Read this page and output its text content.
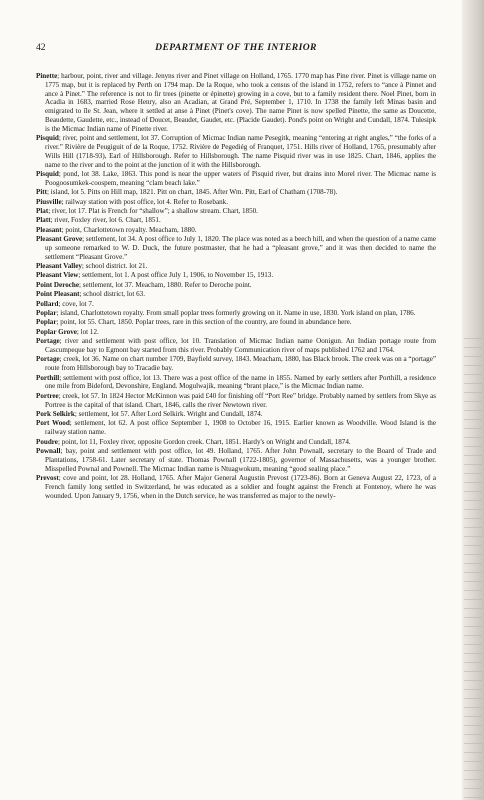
42	DEPARTMENT OF THE INTERIOR

Pinette; harbour, point, river and village. Jenyns river and Pinet village on Holland, 1765. 1770 map has Pine river. Pinet is village name on 1775 map, but it is replaced by Perth on 1794 map. De la Roque, who took a census of the island in 1752, refers to “ance à Pinnet and ance à Pinet.” The reference is not to fir trees (pinette or épinette) growing in a cove, but to a family resident there. Noel Pinet, born in Acadia in 1683, married Rose Henry, also an Acadian, at Grand Pré, September 1, 1710. In 1738 the family left Minas basin and emigrated to île St. Jean, where it settled at anse à Pinet (Pinet's cove). The name Pinet is now spelled Pinette, the same as Doucette, Beaudette, Gaudette, etc., instead of Doucet, Beaudet, Gaudet, etc. (Placide Gaudet). Pond's point on Wright and Cundall, 1874. Tulesipk is the Micmac Indian name of Pinette river.

Pisquid; river, point and settlement, lot 37. Corruption of Micmac Indian name Pesegitk, meaning “entering at right angles,” “the forks of a river.” Rivière de Peugiguit of de la Roque, 1752. Rivière de Pegediég of Franquet, 1751. Hills river of Holland, 1765, presumably after Wills Hill (1718-93), Earl of Hillsborough. Refer to Hillsborough. The name Pisquid river was in use 1825. Chart, 1846, applies the name to the river and to the point at the junction of it with the Hillsborough.

Pisquid; pond, lot 38. Lake, 1863. This pond is near the upper waters of Pisquid river, but drains into Morel river. The Micmac name is Poogoosumkek-coospem, meaning “clam beach lake.”

Pitt; island, lot 5. Pitts on Hill map, 1821. Pitt on chart, 1845. After Wm. Pitt, Earl of Chatham (1708-78).

Piusville; railway station with post office, lot 4. Refer to Rosebank.

Plat; river, lot 17. Plat is French for “shallow”; a shallow stream. Chart, 1850.

Platt; river, Foxley river, lot 6. Chart, 1851.

Pleasant; point, Charlottetown royalty. Meacham, 1880.

Pleasant Grove; settlement, lot 34. A post office to July 1, 1820. The place was noted as a beech hill, and when the question of a name came up someone remarked to W. D. Duck, the future postmaster, that he had a “pleasant grove,” and it was then decided to name the settlement “Pleasant Grove.”

Pleasant Valley; school district. lot 21.

Pleasant View; settlement, lot 1. A post office July 1, 1906, to November 15, 1913.

Point Deroche; settlement, lot 37. Meacham, 1880. Refer to Deroche point.

Point Pleasant; school district, lot 63.

Pollard; cove, lot 7.

Poplar; island, Charlottetown royalty. From small poplar trees formerly growing on it. Name in use, 1830. York island on plan, 1786.

Poplar; point, lot 55. Chart, 1850. Poplar trees, rare in this section of the country, are found in abundance here.

Poplar Grove; lot 12.

Portage; river and settlement with post office, lot 10. Translation of Micmac Indian name Oonigun. An Indian portage route from Cascumpeque bay to Egmont bay started from this river. Probably Communication river of maps published 1762 and 1764.

Portage; creek, lot 36. Name on chart number 1709, Bayfield survey, 1843. Meacham, 1880, has Black brook. The creek was on a “portage” route from Hillsborough bay to Tracadie bay.

Porthill; settlement with post office, lot 13. There was a post office of the name in 1855. Named by early settlers after Porthill, a residence one mile from Bideford, Devonshire, England. Mogulwajik, meaning “brant place,” is the Micmac Indian name.

Portree; creek, lot 57. In 1824 Hector McKinnon was paid £40 for finishing off “Port Ree” bridge. Probably named by settlers from Skye as Portree is the capital of that island. Chart, 1846, calls the river Newtown river.

Pork Selkirk; settlement, lot 57. After Lord Selkirk. Wright and Cundall, 1874.

Port Wood; settlement, lot 62. A post office September 1, 1908 to October 16, 1915. Earlier known as Woodville. Wood Island is the railway station name.

Poudre; point, lot 11, Foxley river, opposite Gordon creek. Chart, 1851. Hardy's on Wright and Cundall, 1874.

Pownall; bay, point and settlement with post office, lot 49. Holland, 1765. After John Pownall, secretary to the Board of Trade and Plantations, 1758-61. Later secretary of state. Thomas Pownall (1722-1805), governor of Massachusetts, was a younger brother. Misspelled Pownal and Pownell. The Micmac Indian name is Ntuagwokum, meaning “good sealing place.”

Prevost; cove and point, lot 28. Holland, 1765. After Major General Augustin Prevost (1723-86). Born at Geneva August 22, 1723, of a French family long settled in Switzerland, he was educated as a soldier and fought against the French at Fontenoy, where he was wounded. Upon January 9, 1756, when in the Dutch service, he was transferred as major to the newly-
